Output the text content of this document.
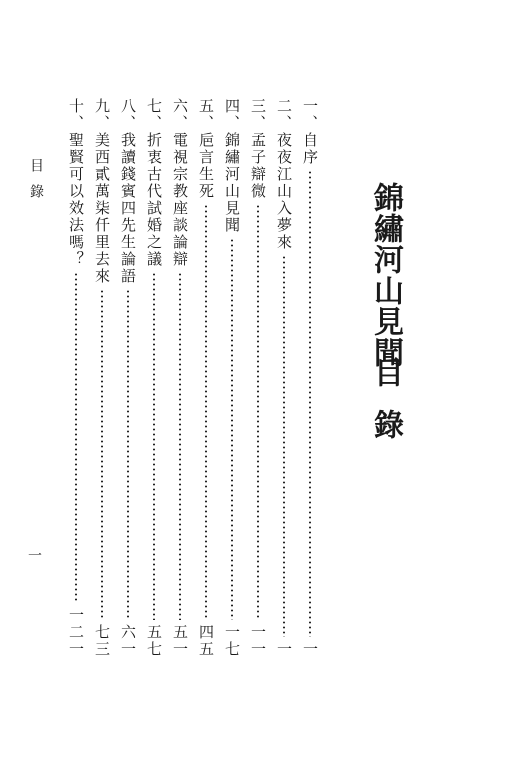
錦繡河山見聞
目錄
一、
自序
一
二、
夜夜江山入夢來
一
三、
孟子辯微
一一
四、
錦繡河山見聞
一七
五、
巵言生死
四五
六、
電視宗教座談論辯
五一
七、
折衷古代試婚之議
五七
八、
我讀錢賓四先生論語
六一
九、
美西貳萬柒仟里去來
七三
十、
聖賢可以效法嗎？
一二一
目錄
一
